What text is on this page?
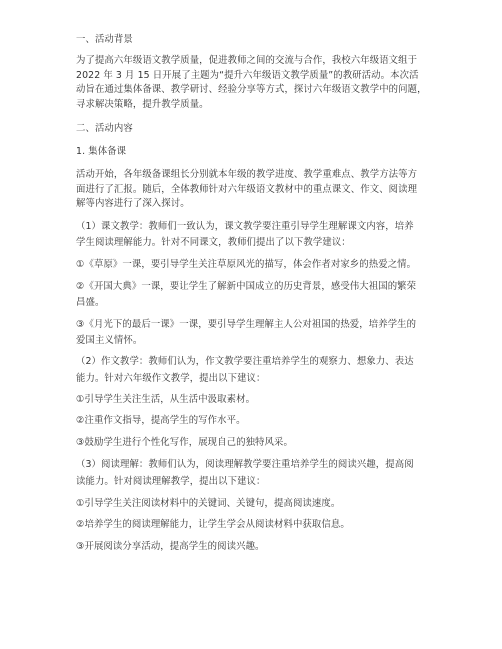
一、活动背景

为了提高六年级语文教学质量，促进教师之间的交流与合作，我校六年级语文组于

2022 年 3 月 15 日开展了主题为“提升六年级语文教学质量”的教研活动。本次活

动旨在通过集体备课、教学研讨、经验分享等方式，探讨六年级语文教学中的问题，

寻求解决策略，提升教学质量。

二、活动内容

1. 集体备课

活动开始，各年级备课组长分别就本年级的教学进度、教学重难点、教学方法等方

面进行了汇报。随后，全体教师针对六年级语文教材中的重点课文、作文、阅读理

解等内容进行了深入探讨。

（1）课文教学：教师们一致认为，课文教学要注重引导学生理解课文内容，培养

学生阅读理解能力。针对不同课文，教师们提出了以下教学建议：

①《草原》一课，要引导学生关注草原风光的描写，体会作者对家乡的热爱之情。

②《开国大典》一课，要让学生了解新中国成立的历史背景，感受伟大祖国的繁荣

昌盛。

③《月光下的最后一课》一课，要引导学生理解主人公对祖国的热爱，培养学生的

爱国主义情怀。

（2）作文教学：教师们认为，作文教学要注重培养学生的观察力、想象力、表达

能力。针对六年级作文教学，提出以下建议：

①引导学生关注生活，从生活中汲取素材。

②注重作文指导，提高学生的写作水平。

③鼓励学生进行个性化写作，展现自己的独特风采。

（3）阅读理解：教师们认为，阅读理解教学要注重培养学生的阅读兴趣，提高阅

读能力。针对阅读理解教学，提出以下建议：

①引导学生关注阅读材料中的关键词、关键句，提高阅读速度。

②培养学生的阅读理解能力，让学生学会从阅读材料中获取信息。

③开展阅读分享活动，提高学生的阅读兴趣。
